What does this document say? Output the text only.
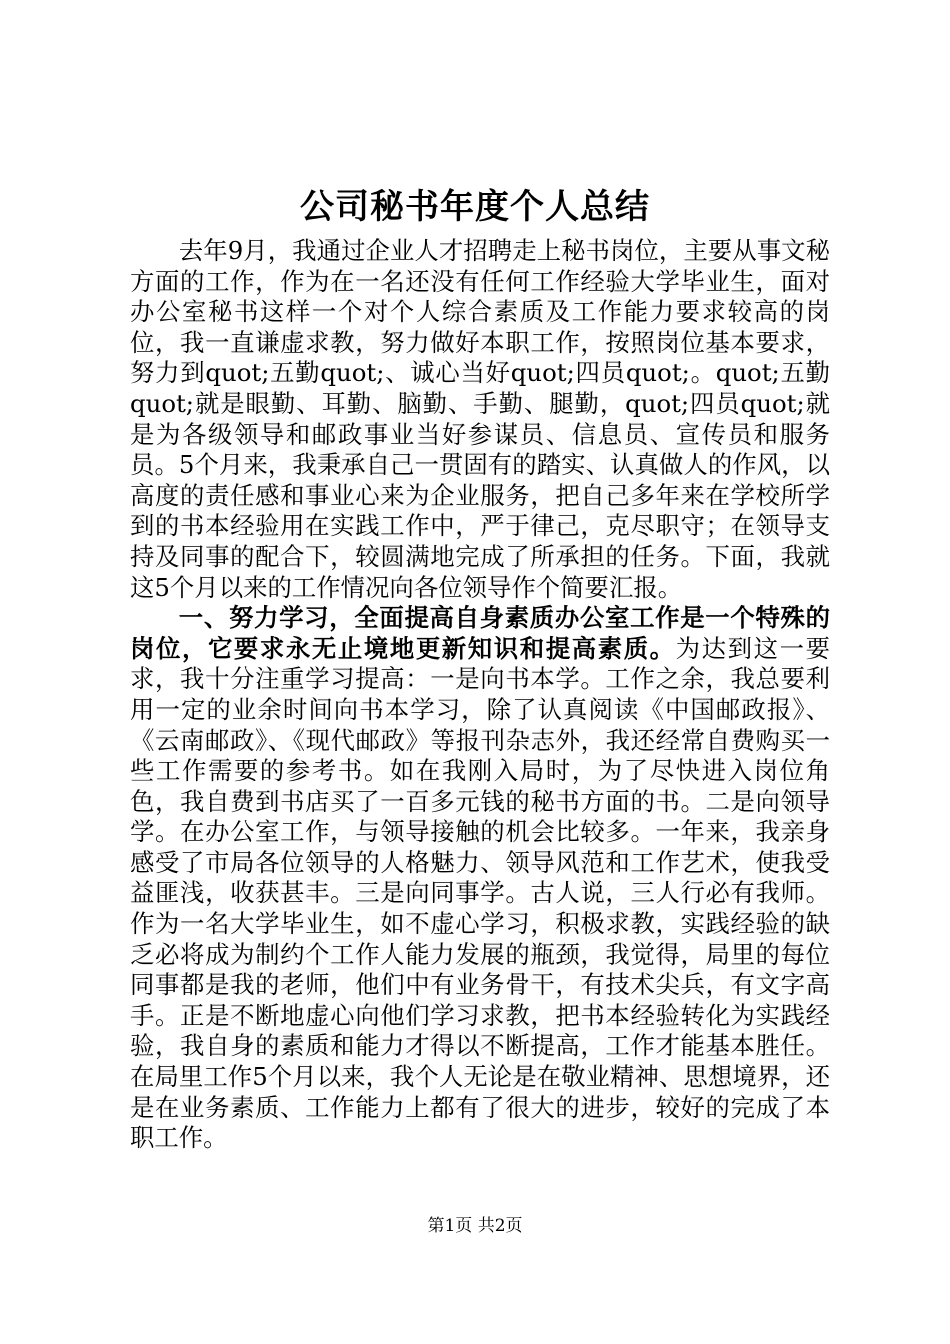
公司秘书年度个人总结

去年9月，我通过企业人才招聘走上秘书岗位，主要从事文秘方面的工作，作为在一名还没有任何工作经验大学毕业生，面对办公室秘书这样一个对个人综合素质及工作能力要求较高的岗位，我一直谦虚求教，努力做好本职工作，按照岗位基本要求，努力到quot;五勤quot;、诚心当好quot;四员quot;。quot;五勤quot;就是眼勤、耳勤、脑勤、手勤、腿勤，quot;四员quot;就是为各级领导和邮政事业当好参谋员、信息员、宣传员和服务员。5个月来，我秉承自己一贯固有的踏实、认真做人的作风，以高度的责任感和事业心来为企业服务，把自己多年来在学校所学到的书本经验用在实践工作中，严于律己，克尽职守；在领导支持及同事的配合下，较圆满地完成了所承担的任务。下面，我就这5个月以来的工作情况向各位领导作个简要汇报。

一、努力学习，全面提高自身素质办公室工作是一个特殊的岗位，它要求永无止境地更新知识和提高素质。为达到这一要求，我十分注重学习提高：一是向书本学。工作之余，我总要利用一定的业余时间向书本学习，除了认真阅读《中国邮政报》、《云南邮政》、《现代邮政》等报刊杂志外，我还经常自费购买一些工作需要的参考书。如在我刚入局时，为了尽快进入岗位角色，我自费到书店买了一百多元钱的秘书方面的书。二是向领导学。在办公室工作，与领导接触的机会比较多。一年来，我亲身感受了市局各位领导的人格魅力、领导风范和工作艺术，使我受益匪浅，收获甚丰。三是向同事学。古人说，三人行必有我师。作为一名大学毕业生，如不虚心学习，积极求教，实践经验的缺乏必将成为制约个工作人能力发展的瓶颈，我觉得，局里的每位同事都是我的老师，他们中有业务骨干，有技术尖兵，有文字高手。正是不断地虚心向他们学习求教，把书本经验转化为实践经验，我自身的素质和能力才得以不断提高，工作才能基本胜任。在局里工作5个月以来，我个人无论是在敬业精神、思想境界，还是在业务素质、工作能力上都有了很大的进步，较好的完成了本职工作。

第1页 共2页
